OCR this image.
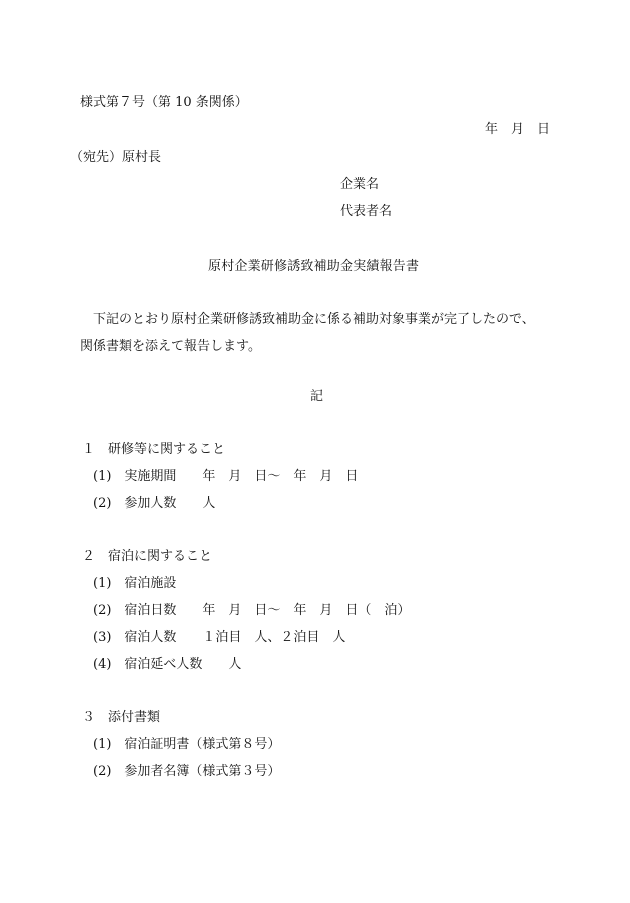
様式第７号（第 10 条関係）
年　月　日
（宛先）原村長
企業名
代表者名
原村企業研修誘致補助金実績報告書
下記のとおり原村企業研修誘致補助金に係る補助対象事業が完了したので、
関係書類を添えて報告します。
記
１　研修等に関すること
(1)　実施期間　　年　月　日～　年　月　日
(2)　参加人数　　人
２　宿泊に関すること
(1)　宿泊施設
(2)　宿泊日数　　年　月　日～　年　月　日（　泊）
(3)　宿泊人数　　１泊目　人、２泊目　人
(4)　宿泊延べ人数　　人
３　添付書類
(1)　宿泊証明書（様式第８号）
(2)　参加者名簿（様式第３号）
